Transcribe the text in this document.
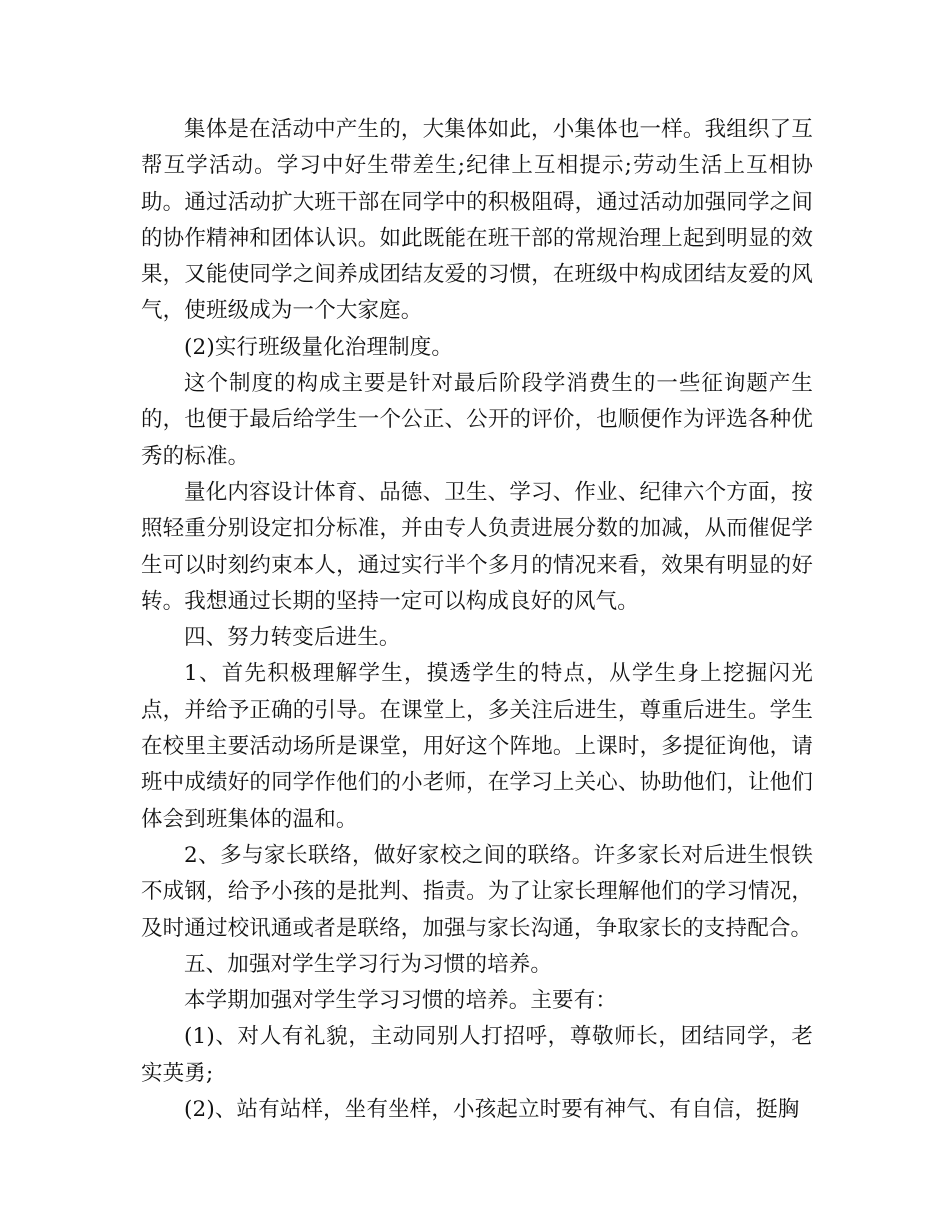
集体是在活动中产生的，大集体如此，小集体也一样。我组织了互帮互学活动。学习中好生带差生;纪律上互相提示;劳动生活上互相协助。通过活动扩大班干部在同学中的积极阻碍，通过活动加强同学之间的协作精神和团体认识。如此既能在班干部的常规治理上起到明显的效果，又能使同学之间养成团结友爱的习惯，在班级中构成团结友爱的风气，使班级成为一个大家庭。

(2)实行班级量化治理制度。

这个制度的构成主要是针对最后阶段学消费生的一些征询题产生的，也便于最后给学生一个公正、公开的评价，也顺便作为评选各种优秀的标准。

量化内容设计体育、品德、卫生、学习、作业、纪律六个方面，按照轻重分别设定扣分标准，并由专人负责进展分数的加减，从而催促学生可以时刻约束本人，通过实行半个多月的情况来看，效果有明显的好转。我想通过长期的坚持一定可以构成良好的风气。

四、努力转变后进生。

1、首先积极理解学生，摸透学生的特点，从学生身上挖掘闪光点，并给予正确的引导。在课堂上，多关注后进生，尊重后进生。学生在校里主要活动场所是课堂，用好这个阵地。上课时，多提征询他，请班中成绩好的同学作他们的小老师，在学习上关心、协助他们，让他们体会到班集体的温和。

2、多与家长联络，做好家校之间的联络。许多家长对后进生恨铁不成钢，给予小孩的是批判、指责。为了让家长理解他们的学习情况，及时通过校讯通或者是联络，加强与家长沟通，争取家长的支持配合。

五、加强对学生学习行为习惯的培养。

本学期加强对学生学习习惯的培养。主要有：

(1)、对人有礼貌，主动同别人打招呼，尊敬师长，团结同学，老实英勇;

(2)、站有站样，坐有坐样，小孩起立时要有神气、有自信，挺胸
